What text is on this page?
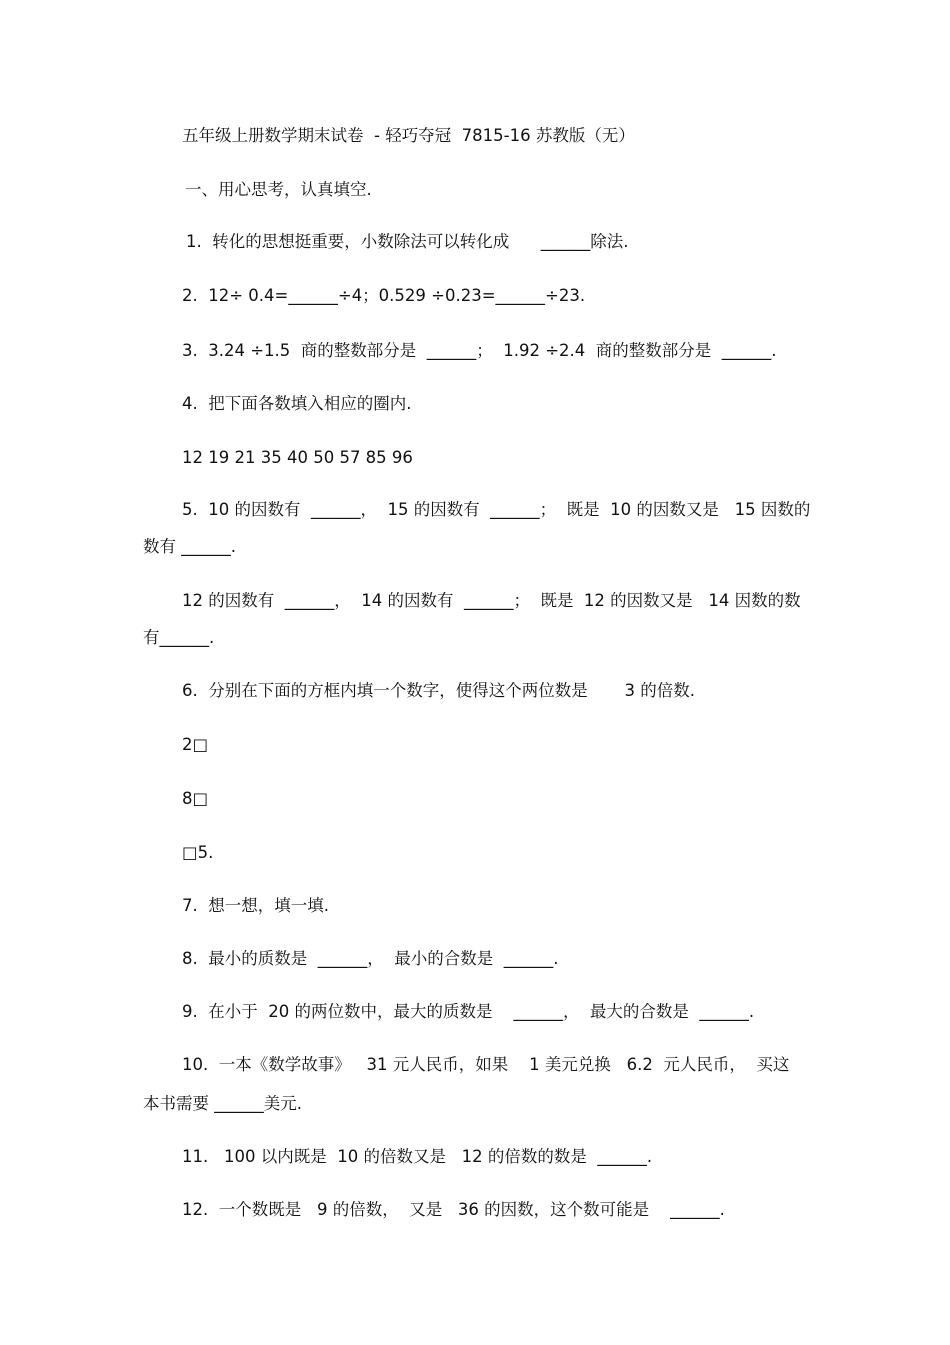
五年级上册数学期末试卷  - 轻巧夺冠  7815-16 苏教版（无）

一、用心思考，认真填空.

1.  转化的思想挺重要，小数除法可以转化成      ______除法.

2.  12÷ 0.4=______÷4；0.529 ÷0.23=______÷23.

3.  3.24 ÷1.5  商的整数部分是  ______；  1.92 ÷2.4  商的整数部分是  ______.

4.  把下面各数填入相应的圈内.

12 19 21 35 40 50 57 85 96

5.  10 的因数有  ______，  15 的因数有  ______；  既是  10 的因数又是   15 因数的

数有 ______.

12 的因数有  ______，  14 的因数有  ______；  既是  12 的因数又是   14 因数的数

有______.

6.  分别在下面的方框内填一个数字，使得这个两位数是       3 的倍数.

2□

8□

□5.

7.  想一想，填一填.

8.  最小的质数是  ______，  最小的合数是  ______.

9.  在小于  20 的两位数中，最大的质数是    ______，  最大的合数是  ______.

10.  一本《数学故事》   31 元人民币，如果    1 美元兑换   6.2  元人民币，  买这

本书需要 ______美元.

11.   100 以内既是  10 的倍数又是   12 的倍数的数是  ______.

12.  一个数既是   9 的倍数，  又是   36 的因数，这个数可能是    ______.
